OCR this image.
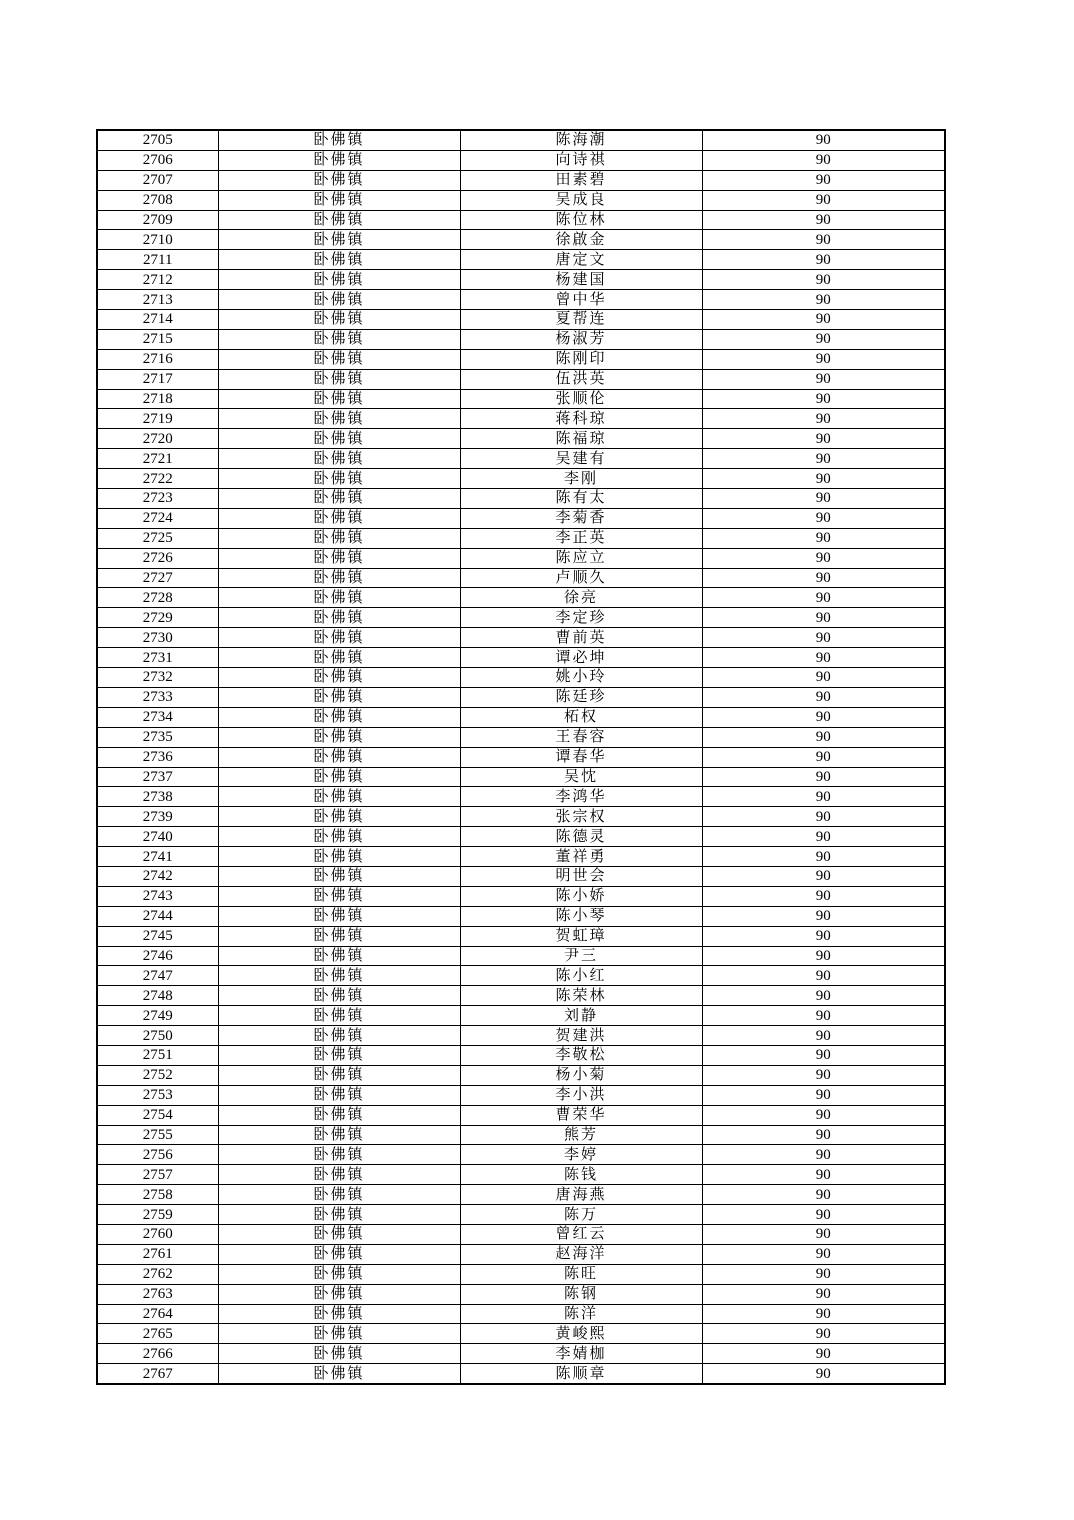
2705	卧佛镇	陈海潮	90
2706	卧佛镇	向诗祺	90
2707	卧佛镇	田素碧	90
2708	卧佛镇	吴成良	90
2709	卧佛镇	陈位林	90
2710	卧佛镇	徐啟金	90
2711	卧佛镇	唐定文	90
2712	卧佛镇	杨建国	90
2713	卧佛镇	曾中华	90
2714	卧佛镇	夏帮连	90
2715	卧佛镇	杨淑芳	90
2716	卧佛镇	陈刚印	90
2717	卧佛镇	伍洪英	90
2718	卧佛镇	张顺伦	90
2719	卧佛镇	蒋科琼	90
2720	卧佛镇	陈福琼	90
2721	卧佛镇	吴建有	90
2722	卧佛镇	李刚	90
2723	卧佛镇	陈有太	90
2724	卧佛镇	李菊香	90
2725	卧佛镇	李正英	90
2726	卧佛镇	陈应立	90
2727	卧佛镇	卢顺久	90
2728	卧佛镇	徐亮	90
2729	卧佛镇	李定珍	90
2730	卧佛镇	曹前英	90
2731	卧佛镇	谭必坤	90
2732	卧佛镇	姚小玲	90
2733	卧佛镇	陈廷珍	90
2734	卧佛镇	柘权	90
2735	卧佛镇	王春容	90
2736	卧佛镇	谭春华	90
2737	卧佛镇	吴忱	90
2738	卧佛镇	李鸿华	90
2739	卧佛镇	张宗权	90
2740	卧佛镇	陈德灵	90
2741	卧佛镇	董祥勇	90
2742	卧佛镇	明世会	90
2743	卧佛镇	陈小娇	90
2744	卧佛镇	陈小琴	90
2745	卧佛镇	贺虹璋	90
2746	卧佛镇	尹三	90
2747	卧佛镇	陈小红	90
2748	卧佛镇	陈荣林	90
2749	卧佛镇	刘静	90
2750	卧佛镇	贺建洪	90
2751	卧佛镇	李敬松	90
2752	卧佛镇	杨小菊	90
2753	卧佛镇	李小洪	90
2754	卧佛镇	曹荣华	90
2755	卧佛镇	熊芳	90
2756	卧佛镇	李婷	90
2757	卧佛镇	陈钱	90
2758	卧佛镇	唐海燕	90
2759	卧佛镇	陈万	90
2760	卧佛镇	曾红云	90
2761	卧佛镇	赵海洋	90
2762	卧佛镇	陈旺	90
2763	卧佛镇	陈钢	90
2764	卧佛镇	陈洋	90
2765	卧佛镇	黄峻熙	90
2766	卧佛镇	李婧枷	90
2767	卧佛镇	陈顺章	90
